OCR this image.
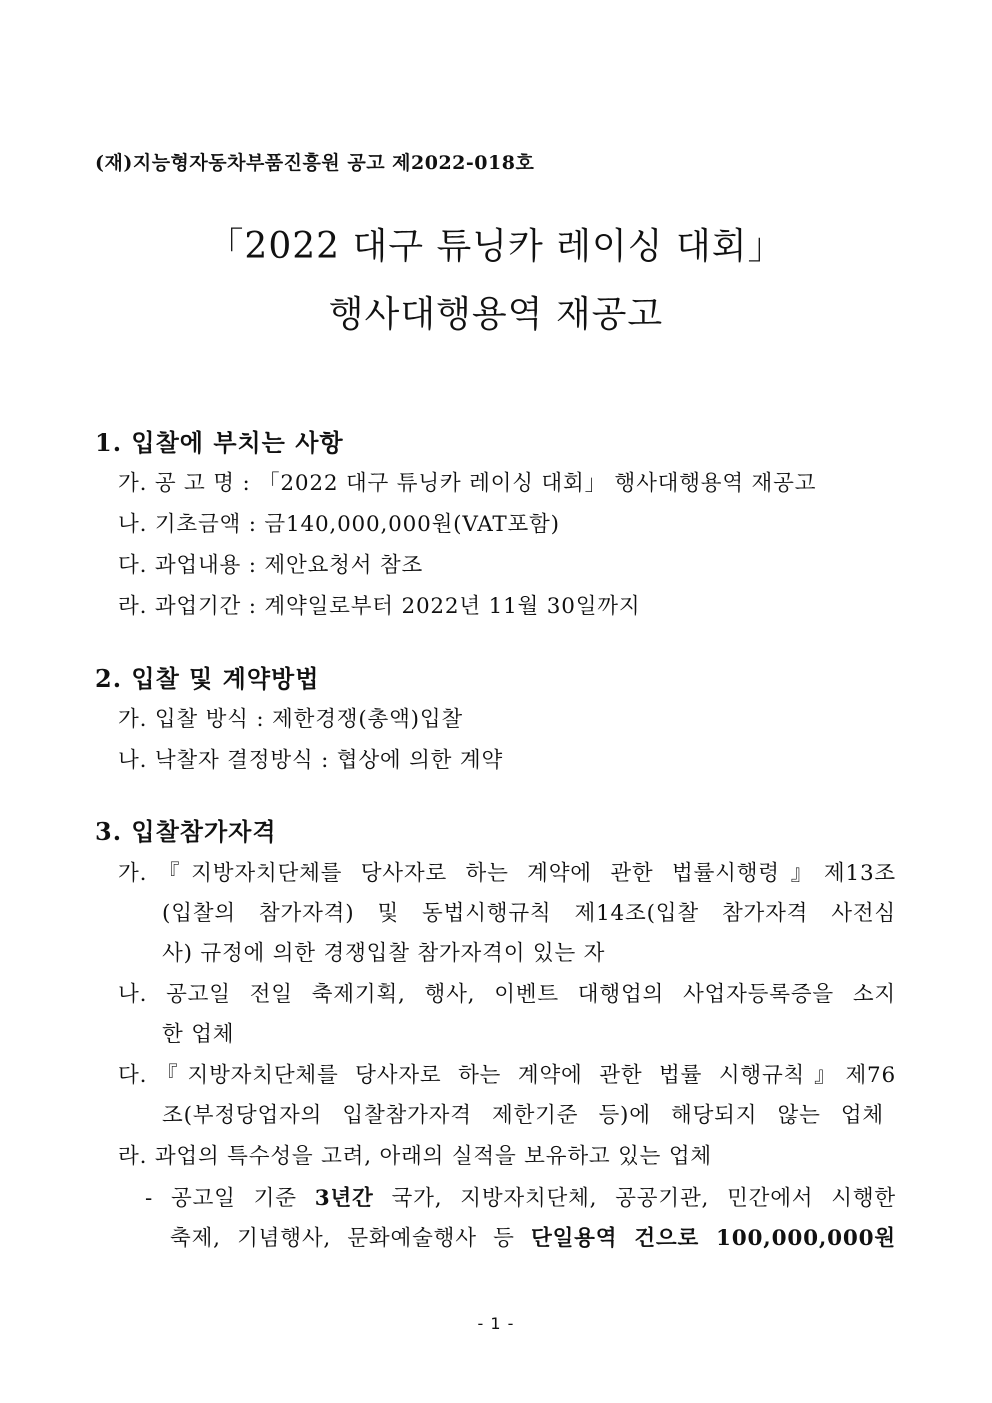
(재)지능형자동차부품진흥원 공고 제2022-018호
「2022 대구 튜닝카 레이싱 대회」
행사대행용역 재공고
1. 입찰에 부치는 사항
가. 공 고 명 : 「2022 대구 튜닝카 레이싱 대회」 행사대행용역 재공고
나. 기초금액 : 금140,000,000원(VAT포함)
다. 과업내용 : 제안요청서 참조
라. 과업기간 : 계약일로부터 2022년 11월 30일까지
2. 입찰 및 계약방법
가. 입찰 방식 : 제한경쟁(총액)입찰
나. 낙찰자 결정방식 : 협상에 의한 계약
3. 입찰참가자격
가.『지방자치단체를 당사자로 하는 계약에 관한 법률시행령』제13조
(입찰의 참가자격) 및 동법시행규칙 제14조(입찰 참가자격 사전심
사) 규정에 의한 경쟁입찰 참가자격이 있는 자
나. 공고일 전일 축제기획, 행사, 이벤트 대행업의 사업자등록증을 소지
한 업체
다.『지방자치단체를 당사자로 하는 계약에 관한 법률 시행규칙』제76
조(부정당업자의 입찰참가자격 제한기준 등)에 해당되지 않는 업체
라. 과업의 특수성을 고려, 아래의 실적을 보유하고 있는 업체
- 공고일 기준 3년간 국가, 지방자치단체, 공공기관, 민간에서 시행한
축제, 기념행사, 문화예술행사 등 단일용역 건으로 100,000,000원
- 1 -
